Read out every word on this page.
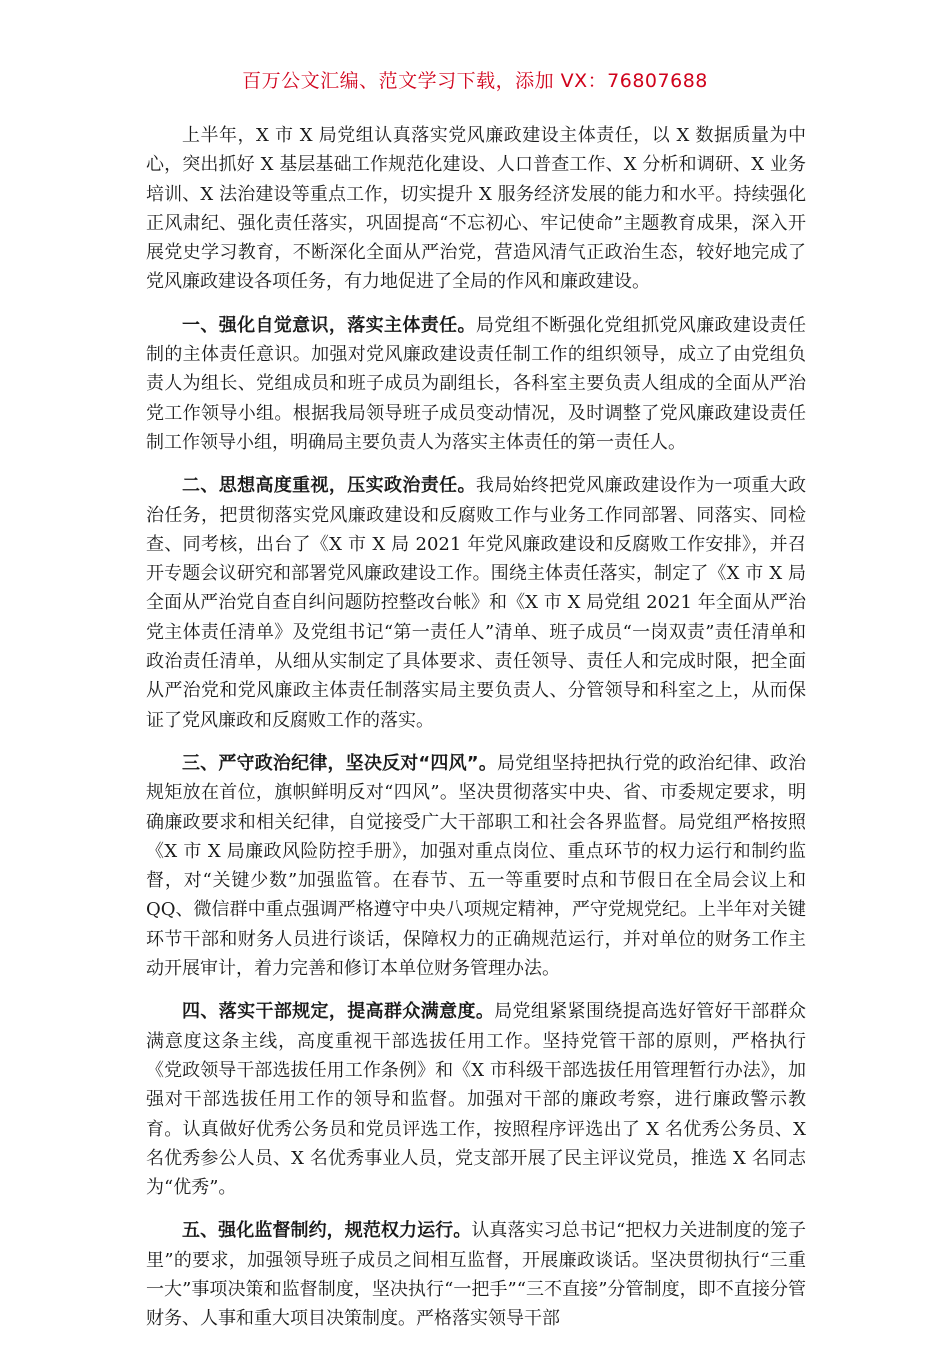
百万公文汇编、范文学习下载，添加 VX：76807688

上半年，X 市 X 局党组认真落实党风廉政建设主体责任，以 X 数据质量为中心，突出抓好 X 基层基础工作规范化建设、人口普查工作、X 分析和调研、X 业务培训、X 法治建设等重点工作，切实提升 X 服务经济发展的能力和水平。持续强化正风肃纪、强化责任落实，巩固提高“不忘初心、牢记使命”主题教育成果，深入开展党史学习教育，不断深化全面从严治党，营造风清气正政治生态，较好地完成了党风廉政建设各项任务，有力地促进了全局的作风和廉政建设。

一、强化自觉意识，落实主体责任。局党组不断强化党组抓党风廉政建设责任制的主体责任意识。加强对党风廉政建设责任制工作的组织领导，成立了由党组负责人为组长、党组成员和班子成员为副组长，各科室主要负责人组成的全面从严治党工作领导小组。根据我局领导班子成员变动情况，及时调整了党风廉政建设责任制工作领导小组，明确局主要负责人为落实主体责任的第一责任人。

二、思想高度重视，压实政治责任。我局始终把党风廉政建设作为一项重大政治任务，把贯彻落实党风廉政建设和反腐败工作与业务工作同部署、同落实、同检查、同考核，出台了《X 市 X 局 2021 年党风廉政建设和反腐败工作安排》，并召开专题会议研究和部署党风廉政建设工作。围绕主体责任落实，制定了《X 市 X 局全面从严治党自查自纠问题防控整改台帐》和《X 市 X 局党组 2021 年全面从严治党主体责任清单》及党组书记“第一责任人”清单、班子成员“一岗双责”责任清单和政治责任清单，从细从实制定了具体要求、责任领导、责任人和完成时限，把全面从严治党和党风廉政主体责任制落实局主要负责人、分管领导和科室之上，从而保证了党风廉政和反腐败工作的落实。

三、严守政治纪律，坚决反对“四风”。局党组坚持把执行党的政治纪律、政治规矩放在首位，旗帜鲜明反对“四风”。坚决贯彻落实中央、省、市委规定要求，明确廉政要求和相关纪律，自觉接受广大干部职工和社会各界监督。局党组严格按照《X 市 X 局廉政风险防控手册》，加强对重点岗位、重点环节的权力运行和制约监督，对“关键少数”加强监管。在春节、五一等重要时点和节假日在全局会议上和 QQ、微信群中重点强调严格遵守中央八项规定精神，严守党规党纪。上半年对关键环节干部和财务人员进行谈话，保障权力的正确规范运行，并对单位的财务工作主动开展审计，着力完善和修订本单位财务管理办法。

四、落实干部规定，提高群众满意度。局党组紧紧围绕提高选好管好干部群众满意度这条主线，高度重视干部选拔任用工作。坚持党管干部的原则，严格执行《党政领导干部选拔任用工作条例》和《X 市科级干部选拔任用管理暂行办法》，加强对干部选拔任用工作的领导和监督。加强对干部的廉政考察，进行廉政警示教育。认真做好优秀公务员和党员评选工作，按照程序评选出了 X 名优秀公务员、X 名优秀参公人员、X 名优秀事业人员，党支部开展了民主评议党员，推选 X 名同志为“优秀”。

五、强化监督制约，规范权力运行。认真落实习总书记“把权力关进制度的笼子里”的要求，加强领导班子成员之间相互监督，开展廉政谈话。坚决贯彻执行“三重一大”事项决策和监督制度，坚决执行“一把手”“三不直接”分管制度，即不直接分管财务、人事和重大项目决策制度。严格落实领导干部
